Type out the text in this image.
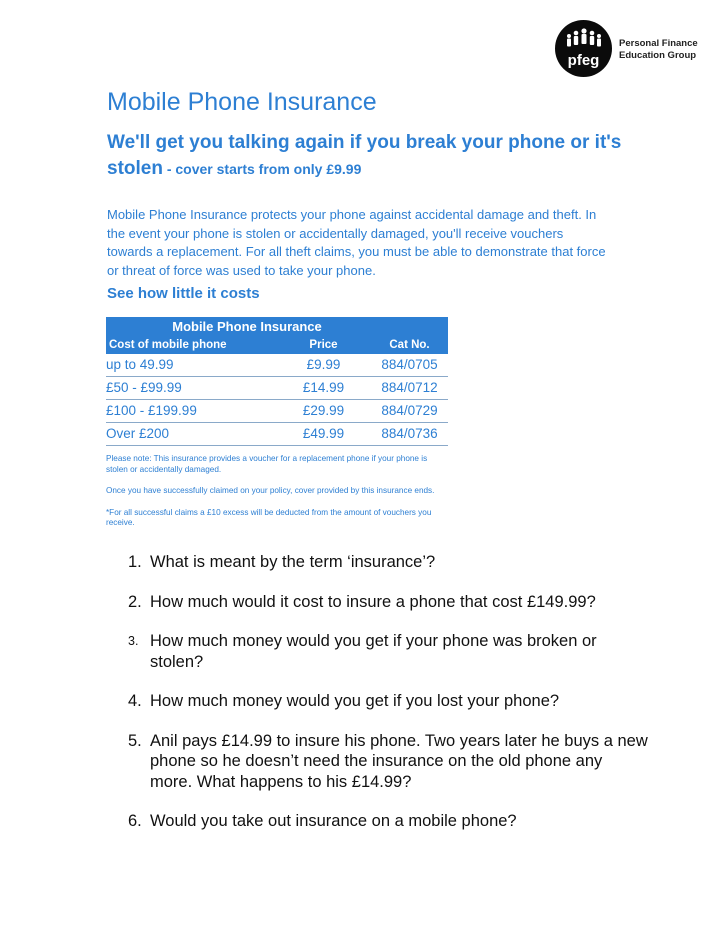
pfeg
Personal Finance
Education Group
Mobile Phone Insurance
We'll get you talking again if you break your phone or it's stolen - cover starts from only £9.99
Mobile Phone Insurance protects your phone against accidental damage and theft. In the event your phone is stolen or accidentally damaged, you'll receive vouchers towards a replacement. For all theft claims, you must be able to demonstrate that force or threat of force was used to take your phone.
See how little it costs
Mobile Phone Insurance
Cost of mobile phone	Price	Cat No.
up to 49.99	£9.99	884/0705
£50 - £99.99	£14.99	884/0712
£100 - £199.99	£29.99	884/0729
Over £200	£49.99	884/0736

Please note: This insurance provides a voucher for a replacement phone if your phone is stolen or accidentally damaged.

Once you have successfully claimed on your policy, cover provided by this insurance ends.

*For all successful claims a £10 excess will be deducted from the amount of vouchers you receive.

1. What is meant by the term ‘insurance’?
2. How much would it cost to insure a phone that cost £149.99?
3. How much money would you get if your phone was broken or stolen?
4. How much money would you get if you lost your phone?
5. Anil pays £14.99 to insure his phone. Two years later he buys a new phone so he doesn’t need the insurance on the old phone any more. What happens to his £14.99?
6. Would you take out insurance on a mobile phone?
